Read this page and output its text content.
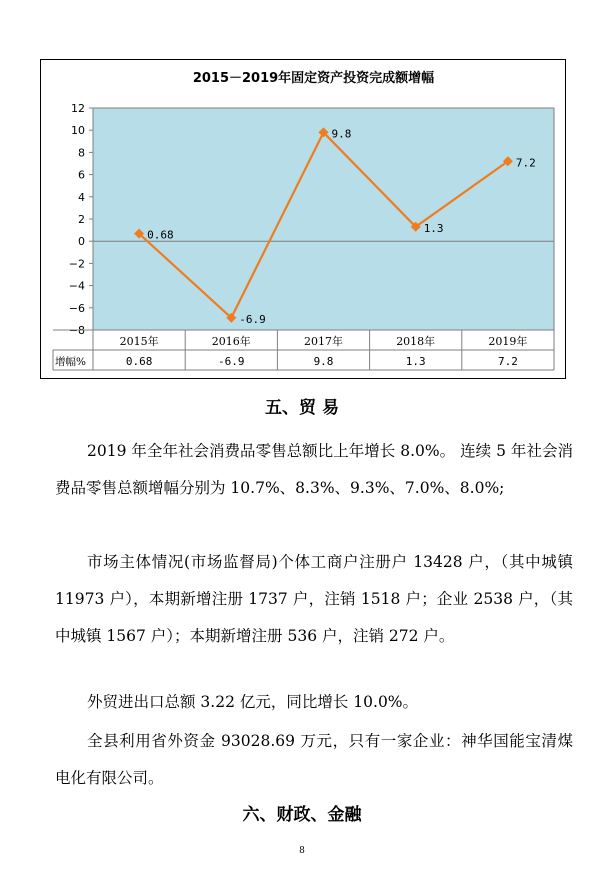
2015－2019年固定资产投资完成额增幅
12
10
8
6
4
2
0
−2
−4
−6
−8
2015年	2016年	2017年	2018年	2019年
增幅%	0.68	-6.9	9.8	1.3	7.2
0.68
-6.9
9.8
1.3
7.2
五、贸 易

2019 年全年社会消费品零售总额比上年增长 8.0%。 连续 5 年社会消费品零售总额增幅分别为 10.7%、8.3%、9.3%、7.0%、8.0%;

市场主体情况(市场监督局)个体工商户注册户 13428 户，（其中城镇 11973 户），本期新增注册 1737 户，注销 1518 户；企业 2538 户，（其中城镇 1567 户）；本期新增注册 536 户，注销 272 户。

外贸进出口总额 3.22 亿元，同比增长 10.0%。

全县利用省外资金 93028.69 万元，只有一家企业：神华国能宝清煤电化有限公司。

六、财政、金融
8
